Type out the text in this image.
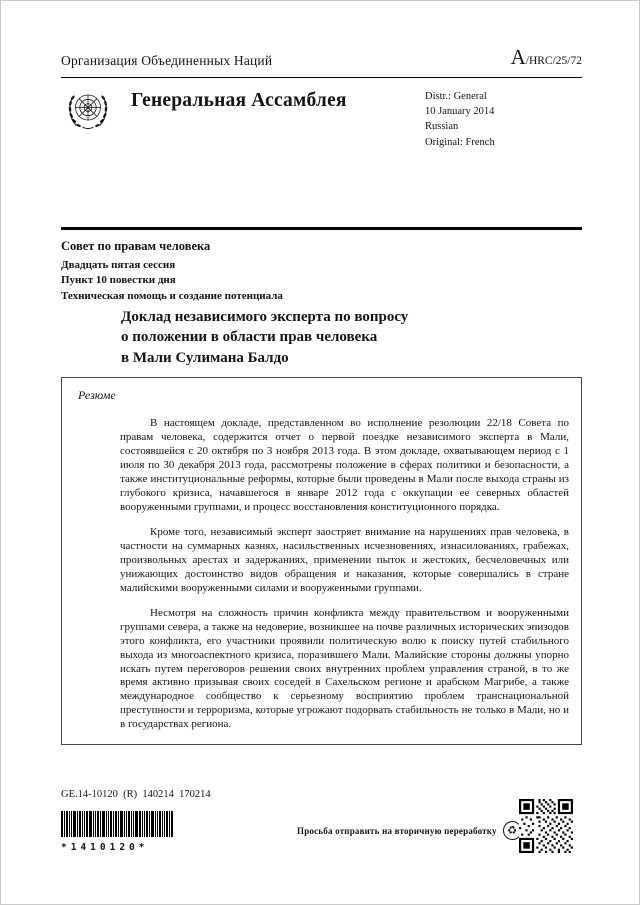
Организация Объединенных Наций	A/HRC/25/72
Генеральная Ассамблея	Distr.: General
10 January 2014
Russian
Original: French
Совет по правам человека
Двадцать пятая сессия
Пункт 10 повестки дня
Техническая помощь и создание потенциала
Доклад независимого эксперта по вопросу
о положении в области прав человека
в Мали Сулимана Балдо
Резюме

В настоящем докладе, представленном во исполнение резолюции 22/18 Совета по правам человека, содержится отчет о первой поездке независимого эксперта в Мали, состоявшейся с 20 октября по 3 ноября 2013 года. В этом докладе, охватывающем период с 1 июля по 30 декабря 2013 года, рассмотрены положение в сферах политики и безопасности, а также институциональные реформы, которые были проведены в Мали после выхода страны из глубокого кризиса, начавшегося в январе 2012 года с оккупации ее северных областей вооруженными группами, и процесс восстановления конституционного порядка.

Кроме того, независимый эксперт заостряет внимание на нарушениях прав человека, в частности на суммарных казнях, насильственных исчезновениях, изнасилованиях, грабежах, произвольных арестах и задержаниях, применении пыток и жестоких, бесчеловечных или унижающих достоинство видов обращения и наказания, которые совершались в стране малийскими вооруженными силами и вооруженными группами.

Несмотря на сложность причин конфликта между правительством и вооруженными группами севера, а также на недоверие, возникшее на почве различных исторических эпизодов этого конфликта, его участники проявили политическую волю к поиску путей стабильного выхода из многоаспектного кризиса, поразившего Мали. Малийские стороны должны упорно искать путем переговоров решения своих внутренних проблем управления страной, в то же время активно призывая своих соседей в Сахельском регионе и арабском Магрибе, а также международное сообщество к серьезному восприятию проблем транснациональной преступности и терроризма, которые угрожают подорвать стабильность не только в Мали, но и в государствах региона.

GE.14-10120  (R)  140214  170214
*1410120*
Просьба отправить на вторичную переработку ♻
